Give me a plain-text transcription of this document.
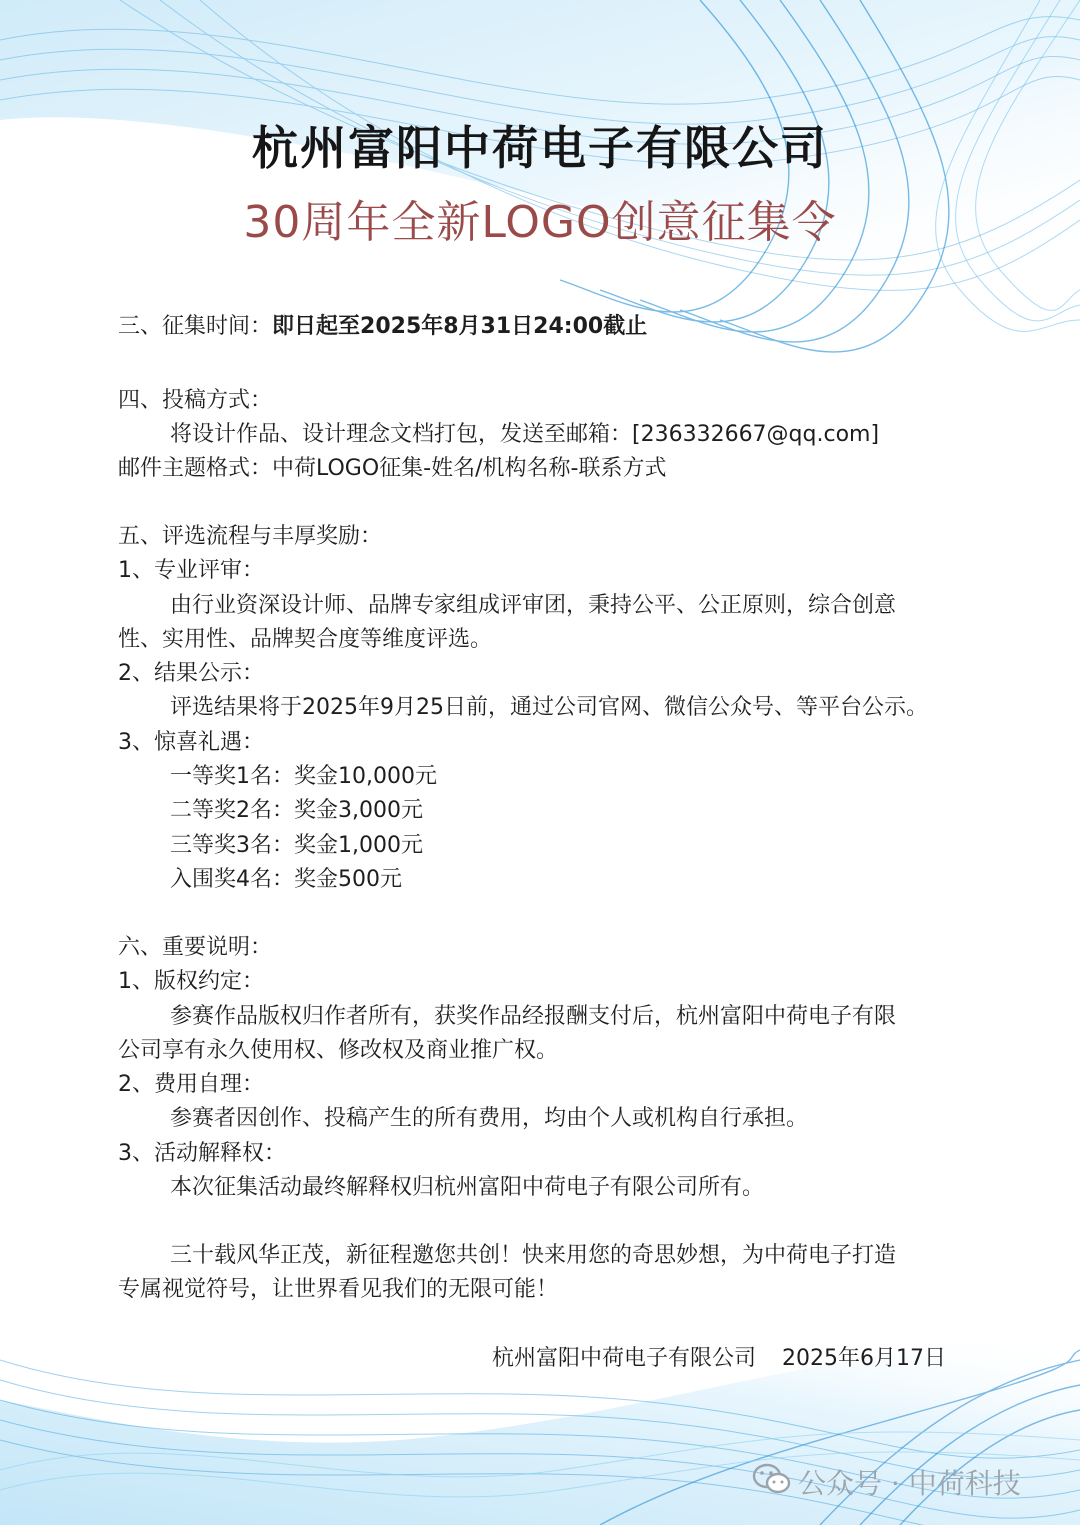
杭州富阳中荷电子有限公司
30周年全新LOGO创意征集令
三、征集时间：即日起至2025年8月31日24:00截止
四、投稿方式：
将设计作品、设计理念文档打包，发送至邮箱：[236332667@qq.com]
邮件主题格式：中荷LOGO征集-姓名/机构名称-联系方式
五、评选流程与丰厚奖励：
1、专业评审：
由行业资深设计师、品牌专家组成评审团，秉持公平、公正原则，综合创意
性、实用性、品牌契合度等维度评选。
2、结果公示：
评选结果将于2025年9月25日前，通过公司官网、微信公众号、等平台公示。
3、惊喜礼遇：
一等奖1名：奖金10,000元
二等奖2名：奖金3,000元
三等奖3名：奖金1,000元
入围奖4名：奖金500元
六、重要说明：
1、版权约定：
参赛作品版权归作者所有，获奖作品经报酬支付后，杭州富阳中荷电子有限
公司享有永久使用权、修改权及商业推广权。
2、费用自理：
参赛者因创作、投稿产生的所有费用，均由个人或机构自行承担。
3、活动解释权：
本次征集活动最终解释权归杭州富阳中荷电子有限公司所有。
三十载风华正茂，新征程邀您共创！快来用您的奇思妙想，为中荷电子打造
专属视觉符号，让世界看见我们的无限可能！
杭州富阳中荷电子有限公司 2025年6月17日
公众号 · 中荷科技
